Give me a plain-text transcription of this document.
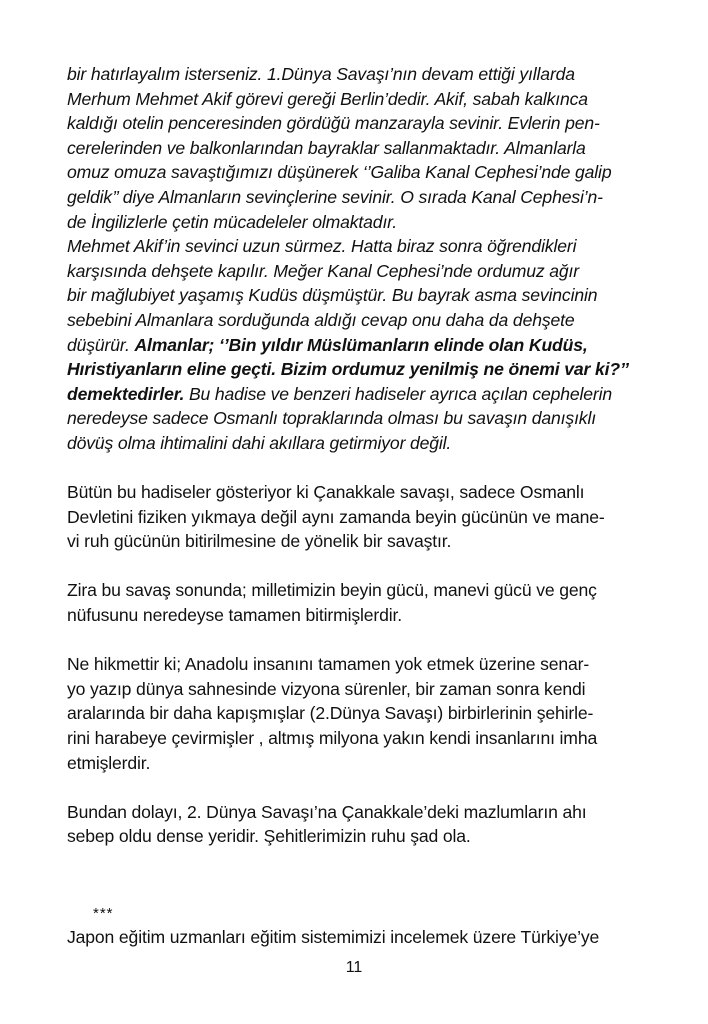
bir hatırlayalım isterseniz. 1.Dünya Savaşı’nın devam ettiği yıllarda
Merhum Mehmet Akif görevi gereği Berlin’dedir. Akif, sabah kalkınca
kaldığı otelin penceresinden gördüğü manzarayla sevinir. Evlerin pen-
cerelerinden ve balkonlarından bayraklar sallanmaktadır. Almanlarla
omuz omuza savaştığımızı düşünerek ‘’Galiba Kanal Cephesi’nde galip
geldik’’ diye Almanların sevinçlerine sevinir. O sırada Kanal Cephesi’n-
de İngilizlerle çetin mücadeleler olmaktadır.
Mehmet Akif’in sevinci uzun sürmez. Hatta biraz sonra öğrendikleri
karşısında dehşete kapılır. Meğer Kanal Cephesi’nde ordumuz ağır
bir mağlubiyet yaşamış Kudüs düşmüştür. Bu bayrak asma sevincinin
sebebini Almanlara sorduğunda aldığı cevap onu daha da dehşete
düşürür. Almanlar; ‘’Bin yıldır Müslümanların elinde olan Kudüs,
Hıristiyanların eline geçti. Bizim ordumuz yenilmiş ne önemi var ki?’’
demektedirler. Bu hadise ve benzeri hadiseler ayrıca açılan cephelerin
neredeyse sadece Osmanlı topraklarında olması bu savaşın danışıklı
dövüş olma ihtimalini dahi akıllara getirmiyor değil.
Bütün bu hadiseler gösteriyor ki Çanakkale savaşı, sadece Osmanlı
Devletini fiziken yıkmaya değil aynı zamanda beyin gücünün ve mane-
vi ruh gücünün bitirilmesine de yönelik bir savaştır.
Zira bu savaş sonunda; milletimizin beyin gücü, manevi gücü ve genç
nüfusunu neredeyse tamamen bitirmişlerdir.
Ne hikmettir ki; Anadolu insanını tamamen yok etmek üzerine senar-
yo yazıp dünya sahnesinde vizyona sürenler, bir zaman sonra kendi
aralarında bir daha kapışmışlar (2.Dünya Savaşı) birbirlerinin şehirle-
rini harabeye çevirmişler , altmış milyona yakın kendi insanlarını imha
etmişlerdir.
Bundan dolayı, 2. Dünya Savaşı’na Çanakkale’deki mazlumların ahı
sebep oldu dense yeridir. Şehitlerimizin ruhu şad ola.
***
Japon eğitim uzmanları eğitim sistemimizi incelemek üzere Türkiye’ye
11
